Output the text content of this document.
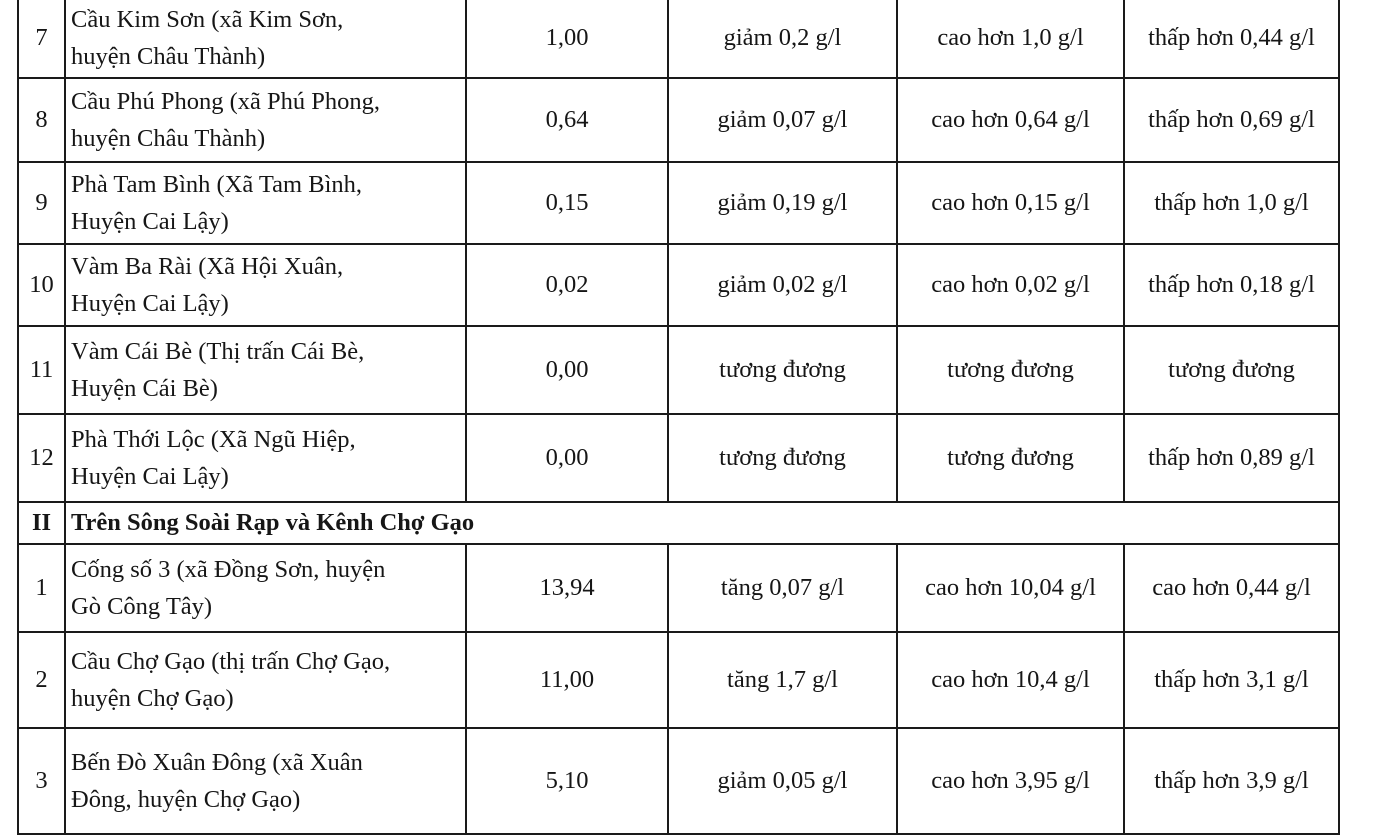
7	Cầu Kim Sơn (xã Kim Sơn,
huyện Châu Thành)	1,00	giảm 0,2 g/l	cao hơn 1,0 g/l	thấp hơn 0,44 g/l
8	Cầu Phú Phong (xã Phú Phong,
huyện Châu Thành)	0,64	giảm 0,07 g/l	cao hơn 0,64 g/l	thấp hơn 0,69 g/l
9	Phà Tam Bình (Xã Tam Bình,
Huyện Cai Lậy)	0,15	giảm 0,19 g/l	cao hơn 0,15 g/l	thấp hơn 1,0 g/l
10	Vàm Ba Rài (Xã Hội Xuân,
Huyện Cai Lậy)	0,02	giảm 0,02 g/l	cao hơn 0,02 g/l	thấp hơn 0,18 g/l
11	Vàm Cái Bè (Thị trấn Cái Bè,
Huyện Cái Bè)	0,00	tương đương	tương đương	tương đương
12	Phà Thới Lộc (Xã Ngũ Hiệp,
Huyện Cai Lậy)	0,00	tương đương	tương đương	thấp hơn 0,89 g/l
II	Trên Sông Soài Rạp và Kênh Chợ Gạo				
1	Cống số 3 (xã Đồng Sơn, huyện
Gò Công Tây)	13,94	tăng 0,07 g/l	cao hơn 10,04 g/l	cao hơn 0,44 g/l
2	Cầu Chợ Gạo (thị trấn Chợ Gạo,
huyện Chợ Gạo)	11,00	tăng 1,7 g/l	cao hơn 10,4 g/l	thấp hơn 3,1 g/l
3	Bến Đò Xuân Đông (xã Xuân
Đông, huyện Chợ Gạo)	5,10	giảm 0,05 g/l	cao hơn 3,95 g/l	thấp hơn 3,9 g/l
